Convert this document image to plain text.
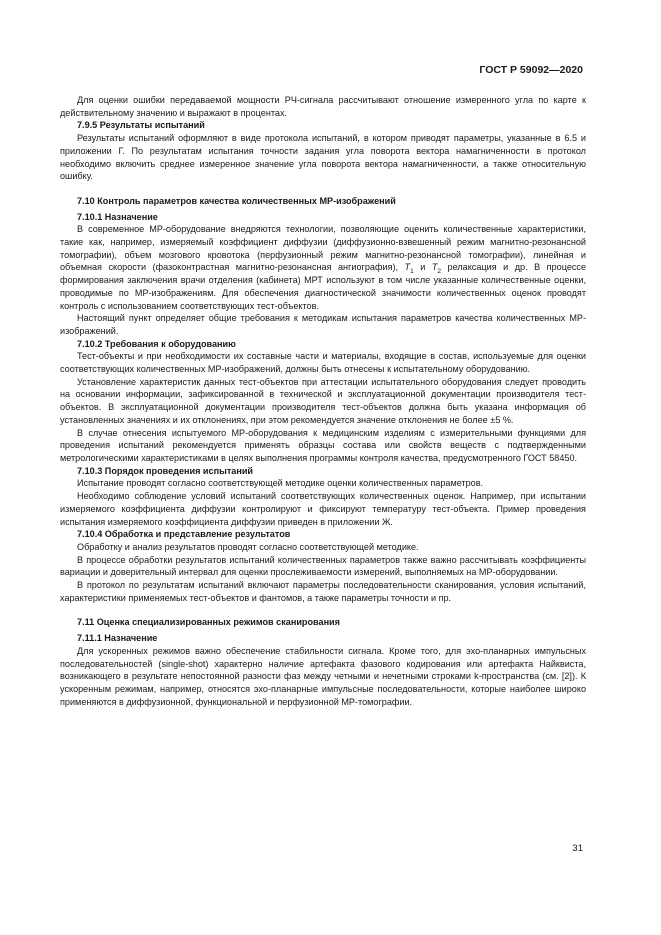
ГОСТ Р 59092—2020

Для оценки ошибки передаваемой мощности РЧ-сигнала рассчитывают отношение измеренного угла по карте к действительному значению и выражают в процентах.

7.9.5 Результаты испытаний

Результаты испытаний оформляют в виде протокола испытаний, в котором приводят параметры, указанные в 6.5 и приложении Г. По результатам испытания точности задания угла поворота вектора намагниченности в протокол необходимо включить среднее измеренное значение угла поворота вектора намагниченности, а также относительную ошибку.

7.10 Контроль параметров качества количественных МР-изображений
7.10.1 Назначение

В современное МР-оборудование внедряются технологии, позволяющие оценить количественные характеристики, такие как, например, измеряемый коэффициент диффузии (диффузионно-взвешенный режим магнитно-резонансной томографии), объем мозгового кровотока (перфузионный режим магнитно-резонансной томографии), линейная и объемная скорости (фазоконтрастная магнитно-резонансная ангиография), $T_1$ и $T_2$ релаксация и др. В процессе формирования заключения врачи отделения (кабинета) МРТ используют в том числе указанные количественные оценки, проводимые по МР-изображениям. Для обеспечения диагностической значимости количественных оценок проводят контроль с использованием соответствующих тест-объектов.

Настоящий пункт определяет общие требования к методикам испытания параметров качества количественных МР-изображений.

7.10.2 Требования к оборудованию

Тест-объекты и при необходимости их составные части и материалы, входящие в состав, используемые для оценки соответствующих количественных МР-изображений, должны быть отнесены к испытательному оборудованию.

Установление характеристик данных тест-объектов при аттестации испытательного оборудования следует проводить на основании информации, зафиксированной в технической и эксплуатационной документации производителя тест-объектов. В эксплуатационной документации производителя тест-объектов должна быть указана информация об установленных значениях и их отклонениях, при этом рекомендуется значение отклонения не более ±5 %.

В случае отнесения испытуемого МР-оборудования к медицинским изделиям с измерительными функциями для проведения испытаний рекомендуется применять образцы состава или свойств веществ с подтвержденными метрологическими характеристиками в целях выполнения программы контроля качества, предусмотренного ГОСТ 58450.

7.10.3 Порядок проведения испытаний

Испытание проводят согласно соответствующей методике оценки количественных параметров.

Необходимо соблюдение условий испытаний соответствующих количественных оценок. Например, при испытании измеряемого коэффициента диффузии контролируют и фиксируют температуру тест-объекта. Пример проведения испытания измеряемого коэффициента диффузии приведен в приложении Ж.

7.10.4 Обработка и представление результатов

Обработку и анализ результатов проводят согласно соответствующей методике.

В процессе обработки результатов испытаний количественных параметров также важно рассчитывать коэффициенты вариации и доверительный интервал для оценки прослеживаемости измерений, выполняемых на МР-оборудовании.

В протокол по результатам испытаний включают параметры последовательности сканирования, условия испытаний, характеристики применяемых тест-объектов и фантомов, а также параметры точности и пр.

7.11 Оценка специализированных режимов сканирования
7.11.1 Назначение

Для ускоренных режимов важно обеспечение стабильности сигнала. Кроме того, для эхо-планарных импульсных последовательностей (single-shot) характерно наличие артефакта фазового кодирования или артефакта Найквиста, возникающего в результате непостоянной разности фаз между четными и нечетными строками k-пространства (см. [2]). К ускоренным режимам, например, относятся эхо-планарные импульсные последовательности, которые наиболее широко применяются в диффузионной, функциональной и перфузионной МР-томографии.

31
